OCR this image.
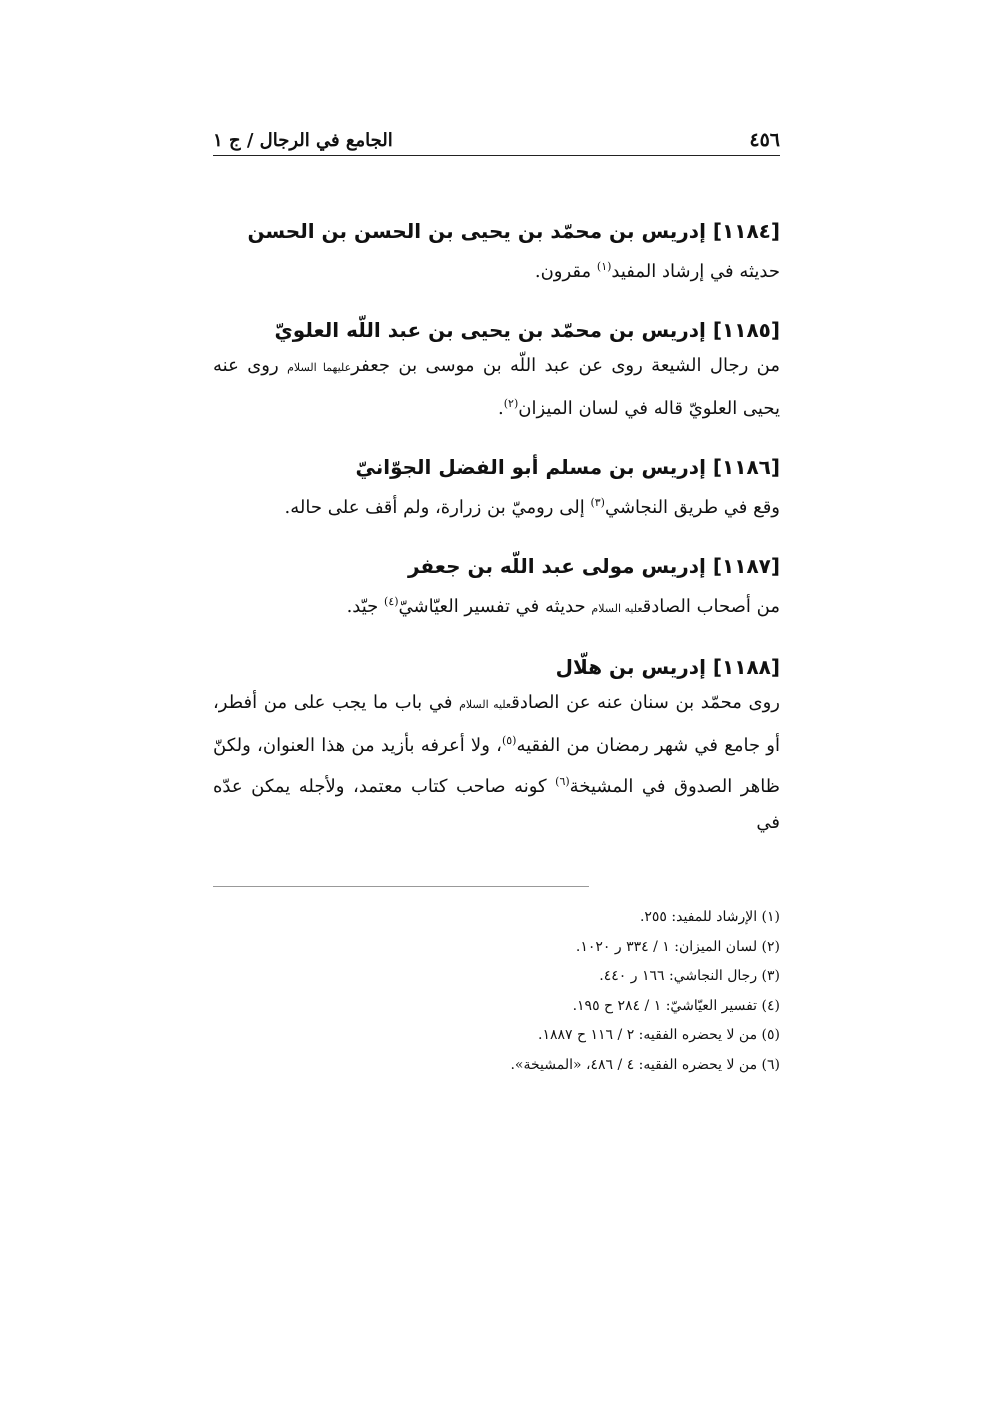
٤٥٦
الجامع في الرجال / ج ١
[١١٨٤] إدريس بن محمّد بن يحيى بن الحسن بن الحسن
حديثه في إرشاد المفيد$^{(١)}$ مقرون.
[١١٨٥] إدريس بن محمّد بن يحيى بن عبد اللّه العلويّ
من رجال الشيعة روى عن عبد اللّه بن موسى بن جعفرعليهما السلام روى عنه يحيى العلويّ قاله في لسان الميزان$^{(٢)}$.
[١١٨٦] إدريس بن مسلم أبو الفضل الجوّانيّ
وقع في طريق النجاشي$^{(٣)}$ إلى روميّ بن زرارة، ولم أقف على حاله.
[١١٨٧] إدريس مولى عبد اللّه بن جعفر
من أصحاب الصادقعليه السلام حديثه في تفسير العيّاشيّ$^{(٤)}$ جيّد.
[١١٨٨] إدريس بن هلّال
روى محمّد بن سنان عنه عن الصادقعليه السلام في باب ما يجب على من أفطر، أو جامع في شهر رمضان من الفقيه$^{(٥)}$، ولا أعرفه بأزيد من هذا العنوان، ولكنّ ظاهر الصدوق في المشيخة$^{(٦)}$ كونه صاحب كتاب معتمد، ولأجله يمكن عدّه في
(١) الإرشاد للمفيد: ٢٥٥.
(٢) لسان الميزان: ١ / ٣٣٤ ر ١٠٢٠.
(٣) رجال النجاشي: ١٦٦ ر ٤٤٠.
(٤) تفسير العيّاشيّ: ١ / ٢٨٤ ح ١٩٥.
(٥) من لا يحضره الفقيه: ٢ / ١١٦ ح ١٨٨٧.
(٦) من لا يحضره الفقيه: ٤ / ٤٨٦، «المشيخة».
